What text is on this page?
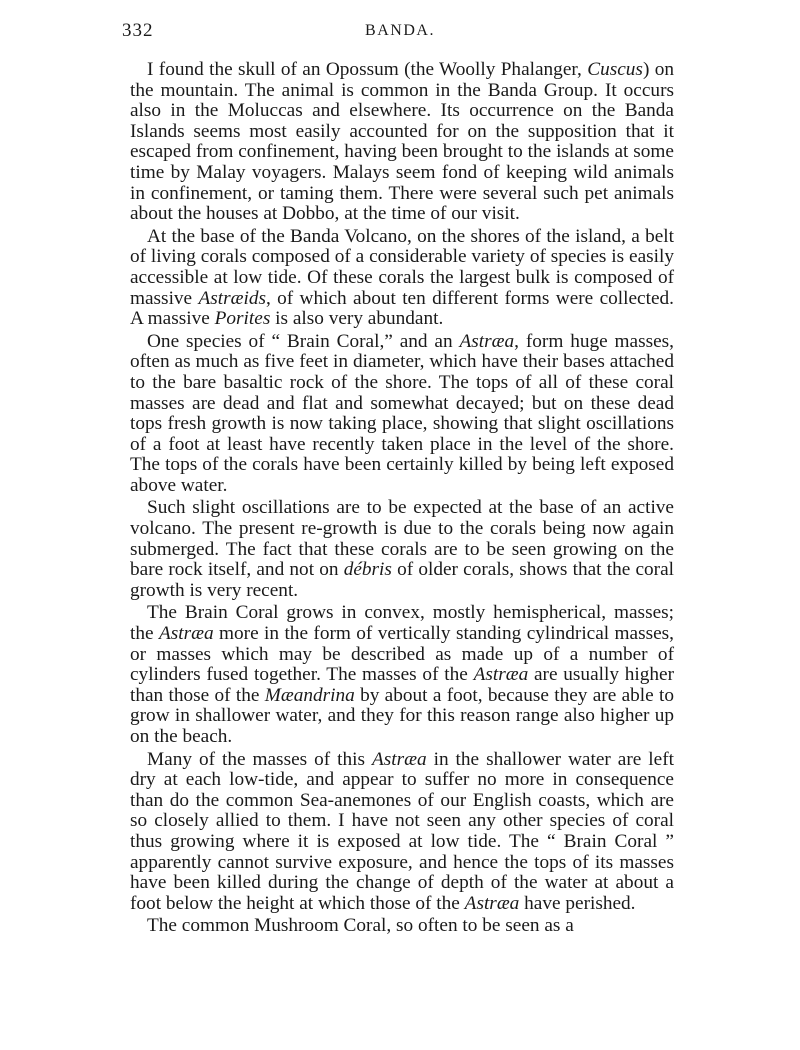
332	BANDA.

I found the skull of an Opossum (the Woolly Phalanger, Cuscus) on the mountain. The animal is common in the Banda Group. It occurs also in the Moluccas and elsewhere. Its occurrence on the Banda Islands seems most easily accounted for on the supposition that it escaped from confinement, having been brought to the islands at some time by Malay voyagers. Malays seem fond of keeping wild animals in confinement, or taming them. There were several such pet animals about the houses at Dobbo, at the time of our visit.

At the base of the Banda Volcano, on the shores of the island, a belt of living corals composed of a considerable variety of species is easily accessible at low tide. Of these corals the largest bulk is composed of massive Astræids, of which about ten different forms were collected. A massive Porites is also very abundant.

One species of “ Brain Coral,” and an Astræa, form huge masses, often as much as five feet in diameter, which have their bases attached to the bare basaltic rock of the shore. The tops of all of these coral masses are dead and flat and somewhat decayed; but on these dead tops fresh growth is now taking place, showing that slight oscillations of a foot at least have recently taken place in the level of the shore. The tops of the corals have been certainly killed by being left exposed above water.

Such slight oscillations are to be expected at the base of an active volcano. The present re-growth is due to the corals being now again submerged. The fact that these corals are to be seen growing on the bare rock itself, and not on débris of older corals, shows that the coral growth is very recent.

The Brain Coral grows in convex, mostly hemispherical, masses; the Astræa more in the form of vertically standing cylindrical masses, or masses which may be described as made up of a number of cylinders fused together. The masses of the Astræa are usually higher than those of the Mæandrina by about a foot, because they are able to grow in shallower water, and they for this reason range also higher up on the beach.

Many of the masses of this Astræa in the shallower water are left dry at each low-tide, and appear to suffer no more in consequence than do the common Sea-anemones of our English coasts, which are so closely allied to them. I have not seen any other species of coral thus growing where it is exposed at low tide. The “ Brain Coral ” apparently cannot survive exposure, and hence the tops of its masses have been killed during the change of depth of the water at about a foot below the height at which those of the Astræa have perished.

The common Mushroom Coral, so often to be seen as a
